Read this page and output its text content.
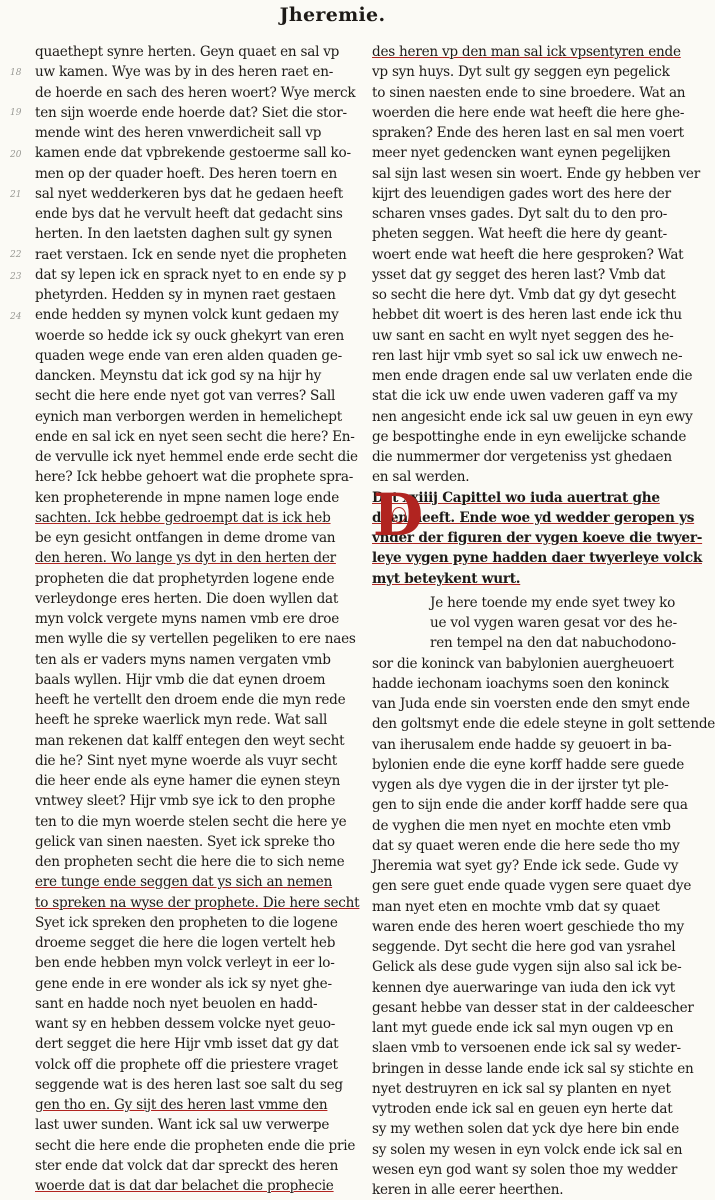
Jheremie.
18
19
20
21
22
23
24
quaethept synre herten. Geyn quaet en sal vp
uw kamen. Wye was by in des heren raet en-
de hoerde en sach des heren woert? Wye merck
ten sijn woerde ende hoerde dat? Siet die stor-
mende wint des heren vnwerdicheit sall vp
kamen ende dat vpbrekende gestoerme sall ko-
men op der quader hoeft. Des heren toern en
sal nyet wedderkeren bys dat he gedaen heeft
ende bys dat he vervult heeft dat gedacht sins
herten. In den laetsten daghen sult gy synen
raet verstaen. Ick en sende nyet die propheten
dat sy lepen ick en sprack nyet to en ende sy p
phetyrden. Hedden sy in mynen raet gestaen
ende hedden sy mynen volck kunt gedaen my
woerde so hedde ick sy ouck ghekyrt van eren
quaden wege ende van eren alden quaden ge-
dancken. Meynstu dat ick god sy na hijr hy
secht die here ende nyet got van verres? Sall
eynich man verborgen werden in hemelichept
ende en sal ick en nyet seen secht die here? En-
de vervulle ick nyet hemmel ende erde secht die
here? Ick hebbe gehoert wat die prophete spra-
ken propheterende in mpne namen loge ende
sachten. Ick hebbe gedroempt dat is ick heb
be eyn gesicht ontfangen in deme drome van
den heren. Wo lange ys dyt in den herten der
propheten die dat prophetyrden logene ende
verleydonge eres herten. Die doen wyllen dat
myn volck vergete myns namen vmb ere droe
men wylle die sy vertellen pegeliken to ere naes
ten als er vaders myns namen vergaten vmb
baals wyllen. Hijr vmb die dat eynen droem
heeft he vertellt den droem ende die myn rede
heeft he spreke waerlick myn rede. Wat sall
man rekenen dat kalff entegen den weyt secht
die he? Sint nyet myne woerde als vuyr secht
die heer ende als eyne hamer die eynen steyn
vntwey sleet? Hijr vmb sye ick to den prophe
ten to die myn woerde stelen secht die here ye
gelick van sinen naesten. Syet ick spreke tho
den propheten secht die here die to sich neme
ere tunge ende seggen dat ys sich an nemen
to spreken na wyse der prophete. Die here secht
Syet ick spreken den propheten to die logene
droeme segget die here die logen vertelt heb
ben ende hebben myn volck verleyt in eer lo-
gene ende in ere wonder als ick sy nyet ghe-
sant en hadde noch nyet beuolen en hadd-
want sy en hebben dessem volcke nyet geuo-
dert segget die here Hijr vmb isset dat gy dat
volck off die prophete off die priestere vraget
seggende wat is des heren last soe salt du seg
gen tho en. Gy sijt des heren last vmme den
last uwer sunden. Want ick sal uw verwerpe
secht die here ende die propheten ende die prie
ster ende dat volck dat dar spreckt des heren
woerde dat is dat dar belachet die prophecie
des heren vp den man sal ick vpsentyren ende
vp syn huys. Dyt sult gy seggen eyn pegelick
to sinen naesten ende to sine broedere. Wat an
woerden die here ende wat heeft die here ghe-
spraken? Ende des heren last en sal men voert
meer nyet gedencken want eynen pegelijken
sal sijn last wesen sin woert. Ende gy hebben ver
kijrt des leuendigen gades wort des here der
scharen vnses gades. Dyt salt du to den pro-
pheten seggen. Wat heeft die here dy geant-
woert ende wat heeft die here gesproken? Wat
ysset dat gy segget des heren last? Vmb dat
so secht die here dyt. Vmb dat gy dyt gesecht
hebbet dit woert is des heren last ende ick thu
uw sant en sacht en wylt nyet seggen des he-
ren last hijr vmb syet so sal ick uw enwech ne-
men ende dragen ende sal uw verlaten ende die
stat die ick uw ende uwen vaderen gaff va my
nen angesicht ende ick sal uw geuen in eyn ewy
ge bespottinghe ende in eyn ewelijcke schande
die nummermer dor vergeteniss yst ghedaen
en sal werden.
Dat xxiiij Capittel wo iuda auertrat ghe
daen heeft. Ende woe yd wedder geropen ys
vnder der figuren der vygen koeve die twyer-
leye vygen pyne hadden daer twyerleye volck
myt beteykent wurt.
Je here toende my ende syet twey ko
ue vol vygen waren gesat vor des he-
ren tempel na den dat nabuchodono-
sor die koninck van babylonien auergheuoert
hadde iechonam ioachyms soen den koninck
van Juda ende sin voersten ende den smyt ende
den goltsmyt ende die edele steyne in golt settende
van iherusalem ende hadde sy geuoert in ba-
bylonien ende die eyne korff hadde sere guede
vygen als dye vygen die in der ijrster tyt ple-
gen to sijn ende die ander korff hadde sere qua
de vyghen die men nyet en mochte eten vmb
dat sy quaet weren ende die here sede tho my
Jheremia wat syet gy? Ende ick sede. Gude vy
gen sere guet ende quade vygen sere quaet dye
man nyet eten en mochte vmb dat sy quaet
waren ende des heren woert geschiede tho my
seggende. Dyt secht die here god van ysrahel
Gelick als dese gude vygen sijn also sal ick be-
kennen dye auerwaringe van iuda den ick vyt
gesant hebbe van desser stat in der caldeescher
lant myt guede ende ick sal myn ougen vp en
slaen vmb to versoenen ende ick sal sy weder-
bringen in desse lande ende ick sal sy stichte en
nyet destruyren en ick sal sy planten en nyet
vytroden ende ick sal en geuen eyn herte dat
sy my wethen solen dat yck dye here bin ende
sy solen my wesen in eyn volck ende ick sal en
wesen eyn god want sy solen thoe my wedder
keren in alle eerer heerthen.
D
